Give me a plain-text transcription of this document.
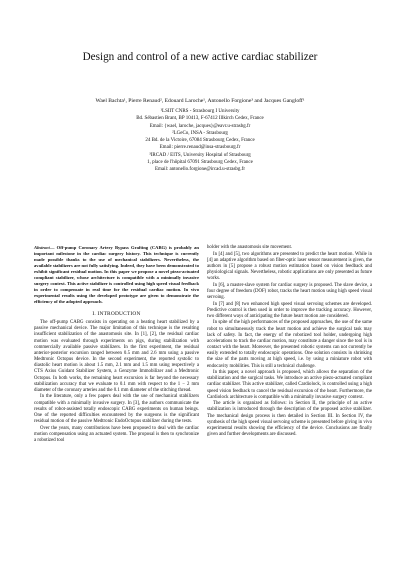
Design and control of a new active cardiac stabilizer
Wael Bachta¹, Pierre Renaud², Edouard Laroche¹, Antonello Forgione³ and Jacques Gangloff¹
¹LSIIT CNRS - Strasbourg I University
Bd. Sébastien Brant, BP 10413, F-67412 Illkirch Cedex, France
Email: {wael, laroche, jacques}@eavr.u-strasbg.fr
²LGeCo, INSA - Strasbourg
24 Bd. de la Victoire, 67084 Strasbourg Cedex, France
Email: pierre.renaud@insa-strasbourg.fr
³IRCAD / EITS, University Hospital of Strasbourg
1, place de l'hôpital 67091 Strasbourg Cedex, France
Email: antonello.forgione@ircad.u-strasbg.fr
Abstract— Off-pump Coronary Artery Bypass Grafting (CABG) is probably an important milestone in the cardiac surgery history. This technique is currently made possible thanks to the use of mechanical stabilizers. Nevertheless, the available stabilizers are not fully satisfying. Indeed, they have been demonstrated to exhibit significant residual motion. In this paper we propose a novel piezo-actuated compliant stabilizer, whose architecture is compatible with a minimally invasive surgery context. This active stabilizer is controlled using high speed visual feedback in order to compensate in real time for the residual cardiac motion. In vivo experimental results using the developed prototype are given to demonstrate the efficiency of the adopted approach.
I. INTRODUCTION

The off-pump CABG consists in operating on a beating heart stabilized by a passive mechanical device. The major limitation of this technique is the resulting insufficient stabilization of the anastomosis site. In [1], [2], the residual cardiac motion was evaluated through experiments on pigs, during stabilization with commercially available passive stabilizers. In the first experiment, the residual anterior-posterior excursion ranged between 0.5 mm and 2.6 mm using a passive Medtronic Octopus device. In the second experiment, the reported systolic to diastolic heart motion is about 1.5 mm, 2.1 mm and 1.5 mm using respectively a CTS Axius Guidant Stabilizer System, a Genzyme Immobilizer and a Medtronic Octopus. In both works, the remaining heart excursion is far beyond the necessary stabilization accuracy that we evaluate to 0.1 mm with respect to the 1 − 2 mm diameter of the coronary arteries and the 0.1 mm diameter of the stitching thread.

In the literature, only a few papers deal with the use of mechanical stabilizers compatible with a minimally invasive surgery. In [3], the authors communicate the results of robot-assisted totally endoscopic CABG experiments on human beings. One of the reported difficulties encountered by the surgeons is the significant residual motion of the passive Medtronic EndoOctopus stabilizer during the tests.

Over the years, many contributions have been proposed to deal with the cardiac motion compensation using an actuated system. The proposal is then to synchronize a robotized tool

holder with the anastomosis site movement.

In [4] and [5], two algorithms are presented to predict the heart motion. While in [4] an adaptive algorithm based on fiber-optic laser sensor measurement is given, the authors in [5] propose a robust motion estimation based on vision feedback and physiological signals. Nevertheless, robotic applications are only presented as future works.

In [6], a master-slave system for cardiac surgery is proposed. The slave device, a four degree of freedom (DOF) robot, tracks the heart motion using high speed visual servoing.

In [7] and [8] two enhanced high speed visual servoing schemes are developed. Predictive control is then used in order to improve the tracking accuracy. However, two different ways of anticipating the future heart motion are considered.

In spite of the high performances of the proposed approaches, the use of the same robot to simultaneously track the heart motion and achieve the surgical task may lack of safety. In fact, the energy of the robotized tool holder, undergoing high accelerations to track the cardiac motion, may constitute a danger since the tool is in contact with the heart. Moreover, the presented robotic systems can not currently be easily extended to totally endoscopic operations. One solution consists in shrinking the size of the parts moving at high speed, i.e. by using a miniature robot with endocavity mobilities. This is still a technical challenge.

In this paper, a novel approach is proposed, which allows the separation of the stabilization and the surgical tasks. We introduce an active piezo-actuated compliant cardiac stabilizer. This active stabilizer, called Cardiolock, is controlled using a high speed vision feedback to cancel the residual excursion of the heart. Furthermore, the Cardiolock architecture is compatible with a minimally invasive surgery context.

The article is organized as follows: in Section II, the principle of an active stabilization is introduced through the description of the proposed active stabilizer. The mechanical design process is then detailed in Section III. In Section IV, the synthesis of the high speed visual servoing scheme is presented before giving in vivo experimental results showing the efficiency of the device. Conclusions are finally given and further developments are discussed.
